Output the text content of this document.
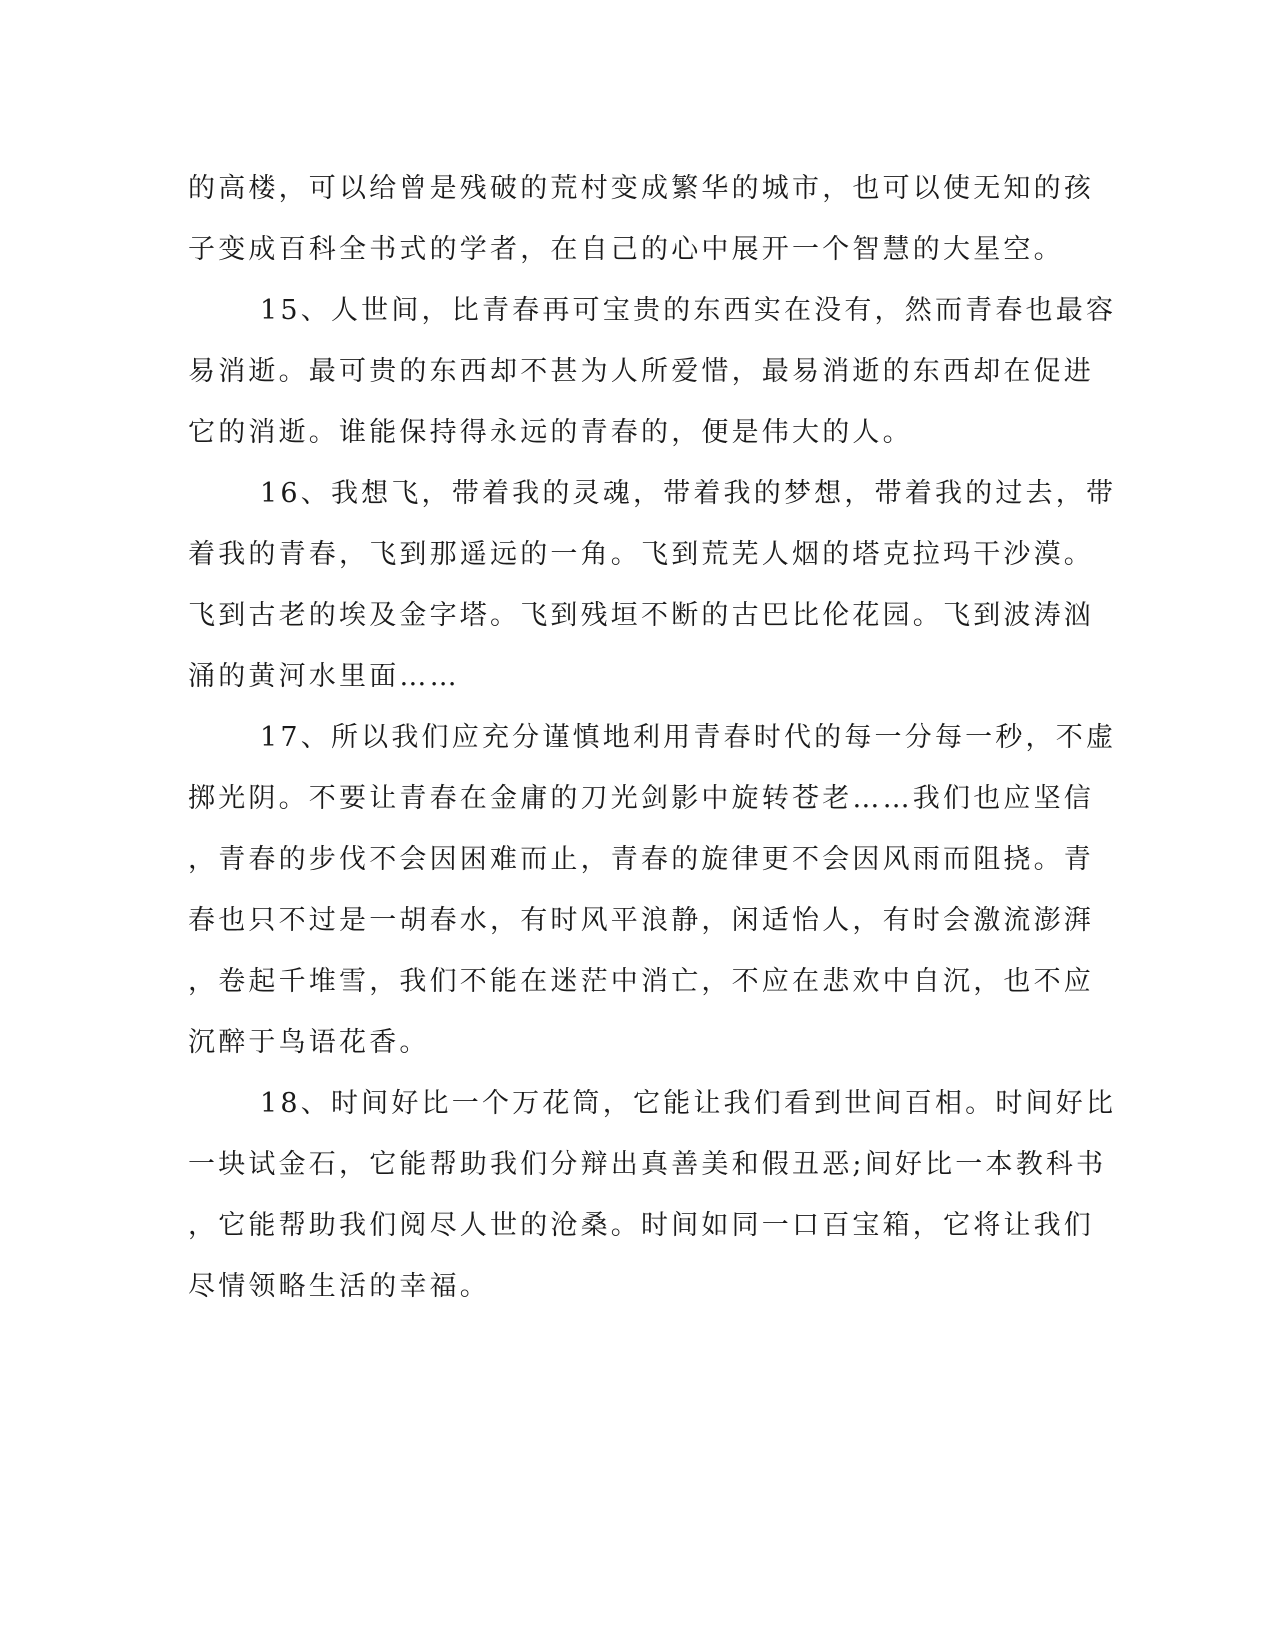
的高楼，可以给曾是残破的荒村变成繁华的城市，也可以使无知的孩
子变成百科全书式的学者，在自己的心中展开一个智慧的大星空。
15、人世间，比青春再可宝贵的东西实在没有，然而青春也最容
易消逝。最可贵的东西却不甚为人所爱惜，最易消逝的东西却在促进
它的消逝。谁能保持得永远的青春的，便是伟大的人。
16、我想飞，带着我的灵魂，带着我的梦想，带着我的过去，带
着我的青春，飞到那遥远的一角。飞到荒芜人烟的塔克拉玛干沙漠。
飞到古老的埃及金字塔。飞到残垣不断的古巴比伦花园。飞到波涛汹
涌的黄河水里面……
17、所以我们应充分谨慎地利用青春时代的每一分每一秒，不虚
掷光阴。不要让青春在金庸的刀光剑影中旋转苍老……我们也应坚信
，青春的步伐不会因困难而止，青春的旋律更不会因风雨而阻挠。青
春也只不过是一胡春水，有时风平浪静，闲适怡人，有时会激流澎湃
，卷起千堆雪，我们不能在迷茫中消亡，不应在悲欢中自沉，也不应
沉醉于鸟语花香。
18、时间好比一个万花筒，它能让我们看到世间百相。时间好比
一块试金石，它能帮助我们分辩出真善美和假丑恶;间好比一本教科书
，它能帮助我们阅尽人世的沧桑。时间如同一口百宝箱，它将让我们
尽情领略生活的幸福。
